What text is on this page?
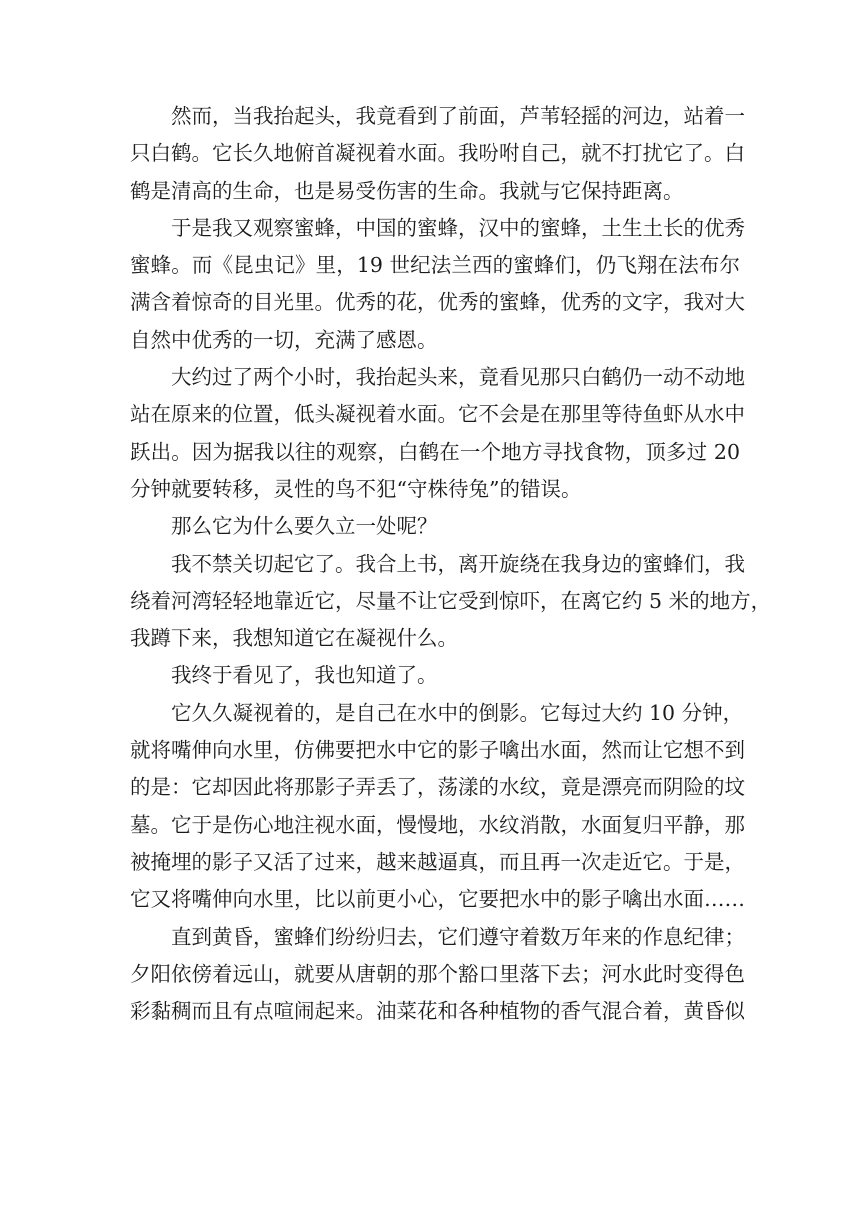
然而，当我抬起头，我竟看到了前面，芦苇轻摇的河边，站着一
只白鹤。它长久地俯首凝视着水面。我吩咐自己，就不打扰它了。白
鹤是清高的生命，也是易受伤害的生命。我就与它保持距离。
于是我又观察蜜蜂，中国的蜜蜂，汉中的蜜蜂，土生土长的优秀
蜜蜂。而《昆虫记》里，19 世纪法兰西的蜜蜂们，仍飞翔在法布尔
满含着惊奇的目光里。优秀的花，优秀的蜜蜂，优秀的文字，我对大
自然中优秀的一切，充满了感恩。
大约过了两个小时，我抬起头来，竟看见那只白鹤仍一动不动地
站在原来的位置，低头凝视着水面。它不会是在那里等待鱼虾从水中
跃出。因为据我以往的观察，白鹤在一个地方寻找食物，顶多过 20
分钟就要转移，灵性的鸟不犯“守株待兔”的错误。
那么它为什么要久立一处呢？
我不禁关切起它了。我合上书，离开旋绕在我身边的蜜蜂们，我
绕着河湾轻轻地靠近它，尽量不让它受到惊吓，在离它约 5 米的地方，
我蹲下来，我想知道它在凝视什么。
我终于看见了，我也知道了。
它久久凝视着的，是自己在水中的倒影。它每过大约 10 分钟，
就将嘴伸向水里，仿佛要把水中它的影子噙出水面，然而让它想不到
的是：它却因此将那影子弄丢了，荡漾的水纹，竟是漂亮而阴险的坟
墓。它于是伤心地注视水面，慢慢地，水纹消散，水面复归平静，那
被掩埋的影子又活了过来，越来越逼真，而且再一次走近它。于是，
它又将嘴伸向水里，比以前更小心，它要把水中的影子噙出水面……
直到黄昏，蜜蜂们纷纷归去，它们遵守着数万年来的作息纪律；
夕阳依傍着远山，就要从唐朝的那个豁口里落下去；河水此时变得色
彩黏稠而且有点喧闹起来。油菜花和各种植物的香气混合着，黄昏似
